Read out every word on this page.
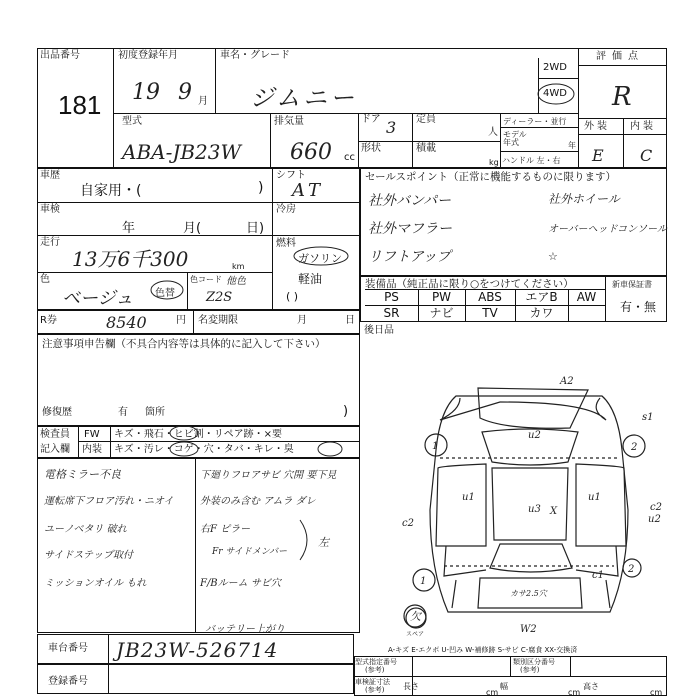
出品番号
181
初度登録年月
19 9 月
車名・グレード
ジムニー
2WD
4WD
評価点
R
型式
ABA-JB23W
排気量
660 cc
ドア 3 定員
人
ディーラー・並行
モデル年式	年
形状	積載
kg ハンドル 左・右
外装 内装
E C
車歴
自家用・(	)
シフト
AT
車検
年	月(	日)
冷房
走行
13万6千300	km
燃料
ガソリン
軽油
( )
色
ベージュ 色替
色コード 他色
Z2S
R券	8540	円 名変期限	月	日
セールスポイント（正常に機能するものに限ります）
社外バンパー	社外ホイール
社外マフラー	オーバーヘッドコンソール
リフトアップ	☆
装備品（純正品に限り○をつけてください）	新車保証書
有・無
PS	PW	ABS	エアB	AW
SR	ナビ	TV	カワ
後日品
注意事項申告欄（不具合内容等は具体的に記入して下さい）
修復歴	有 箇所	)
検査員
記入欄
FW キズ・飛石・ヒビ割・リペア跡・×要
内装 キズ・汚レ・コゲ・穴・タバ・キレ・臭
電格ミラー不良
運転席下フロア汚れ・ニオイ
ユーノベタリ 破れ
サイドステップ取付
ミッションオイル もれ
下廻りフロアサビ 穴開 要下見
外装のみ含む アムラ ダレ
右F ピラー
Fr サイドメンバー
F/Bルーム サビ穴
バッテリー上がり
左
A2
u2
s1
u2
c2
c2
u1	u1
u3
c1
W2
X
カサ2.5穴
1	2
1
2
欠
スペア
A-キズ E-エクボ U-凹み W-補修跡 S-サビ C-腐食 XX-交換済
車台番号 JB23W-526714
登録番号
型式指定番号
(参考)
類別区分番号
(参考)
車検証寸法
(参考) 長さ
cm
幅
cm
高さ
cm
